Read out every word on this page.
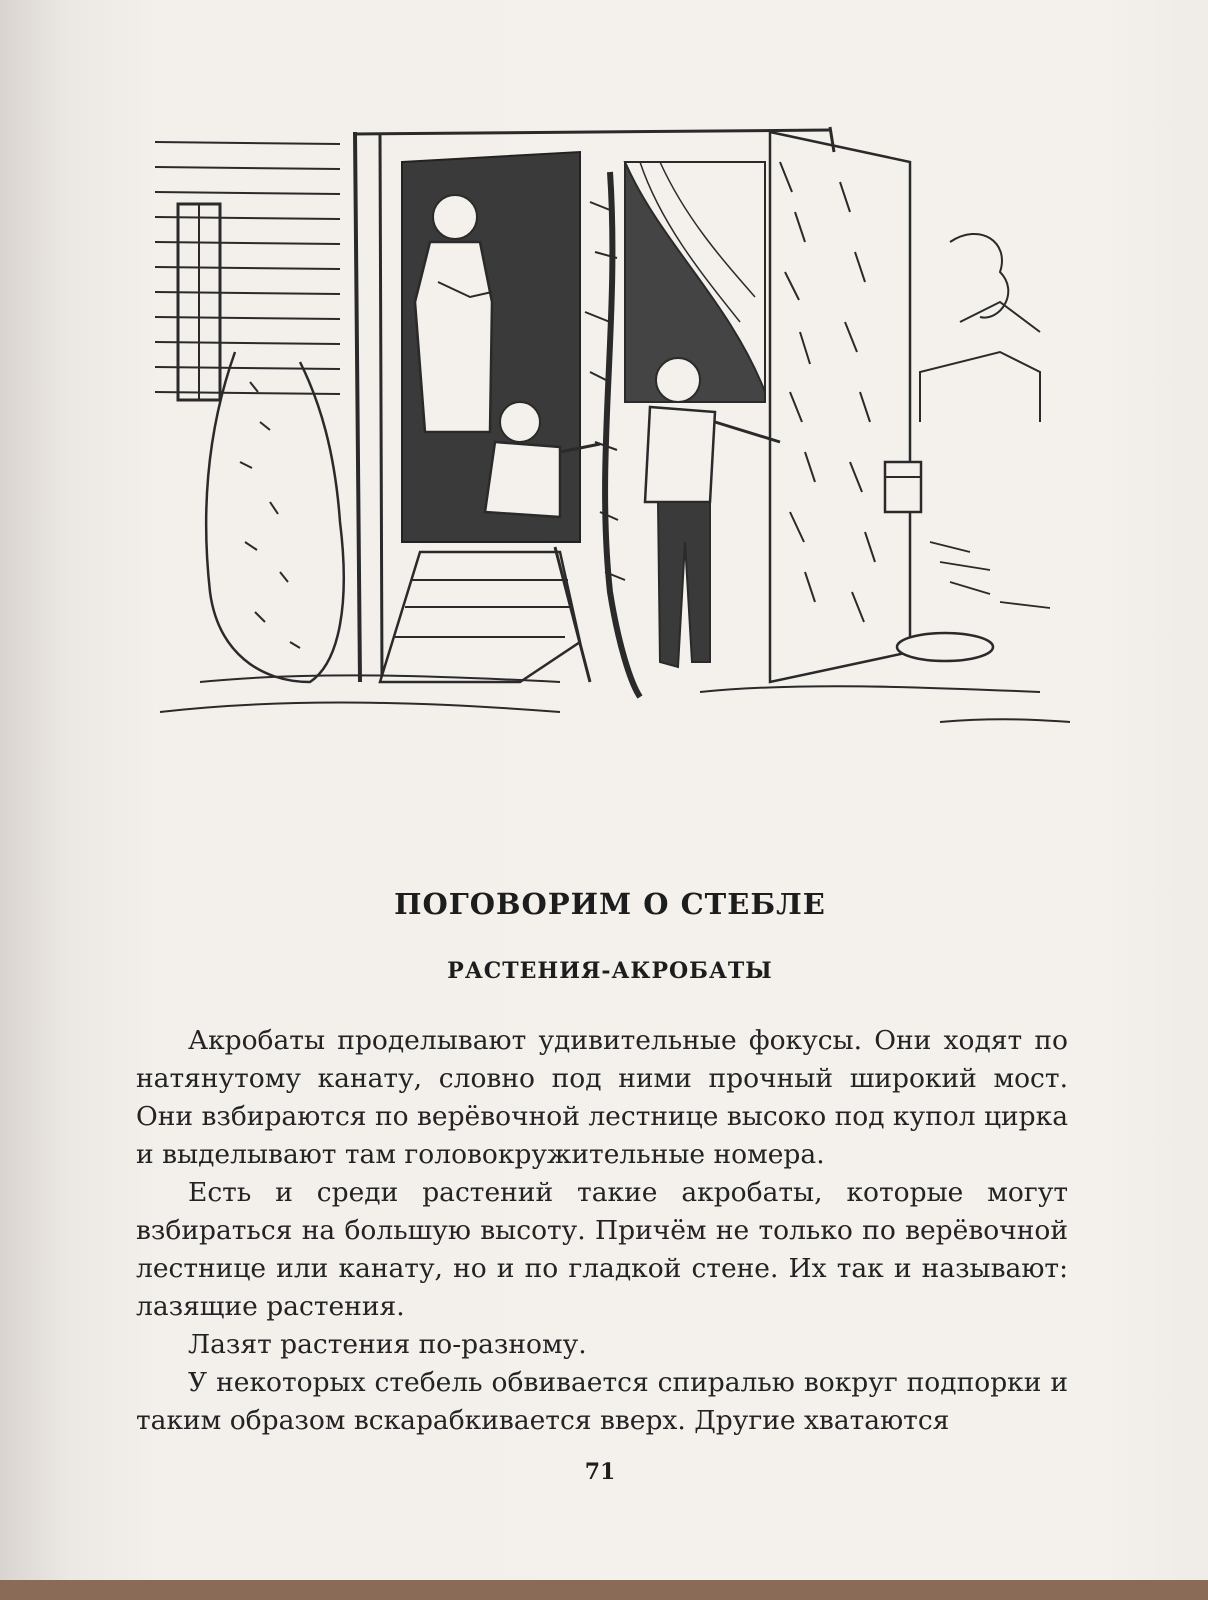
ПОГОВОРИМ О СТЕБЛЕ
РАСТЕНИЯ-АКРОБАТЫ

Акробаты проделывают удивительные фокусы. Они ходят по натянутому канату, словно под ними прочный широкий мост. Они взбираются по верёвочной лестнице высоко под купол цирка и выделывают там головокружительные номера.

Есть и среди растений такие акробаты, которые могут взбираться на большую высоту. Причём не только по верёвочной лестнице или канату, но и по гладкой стене. Их так и называют: лазящие растения.

Лазят растения по-разному.

У некоторых стебель обвивается спиралью вокруг подпорки и таким образом вскарабкивается вверх. Другие хватаются

71
